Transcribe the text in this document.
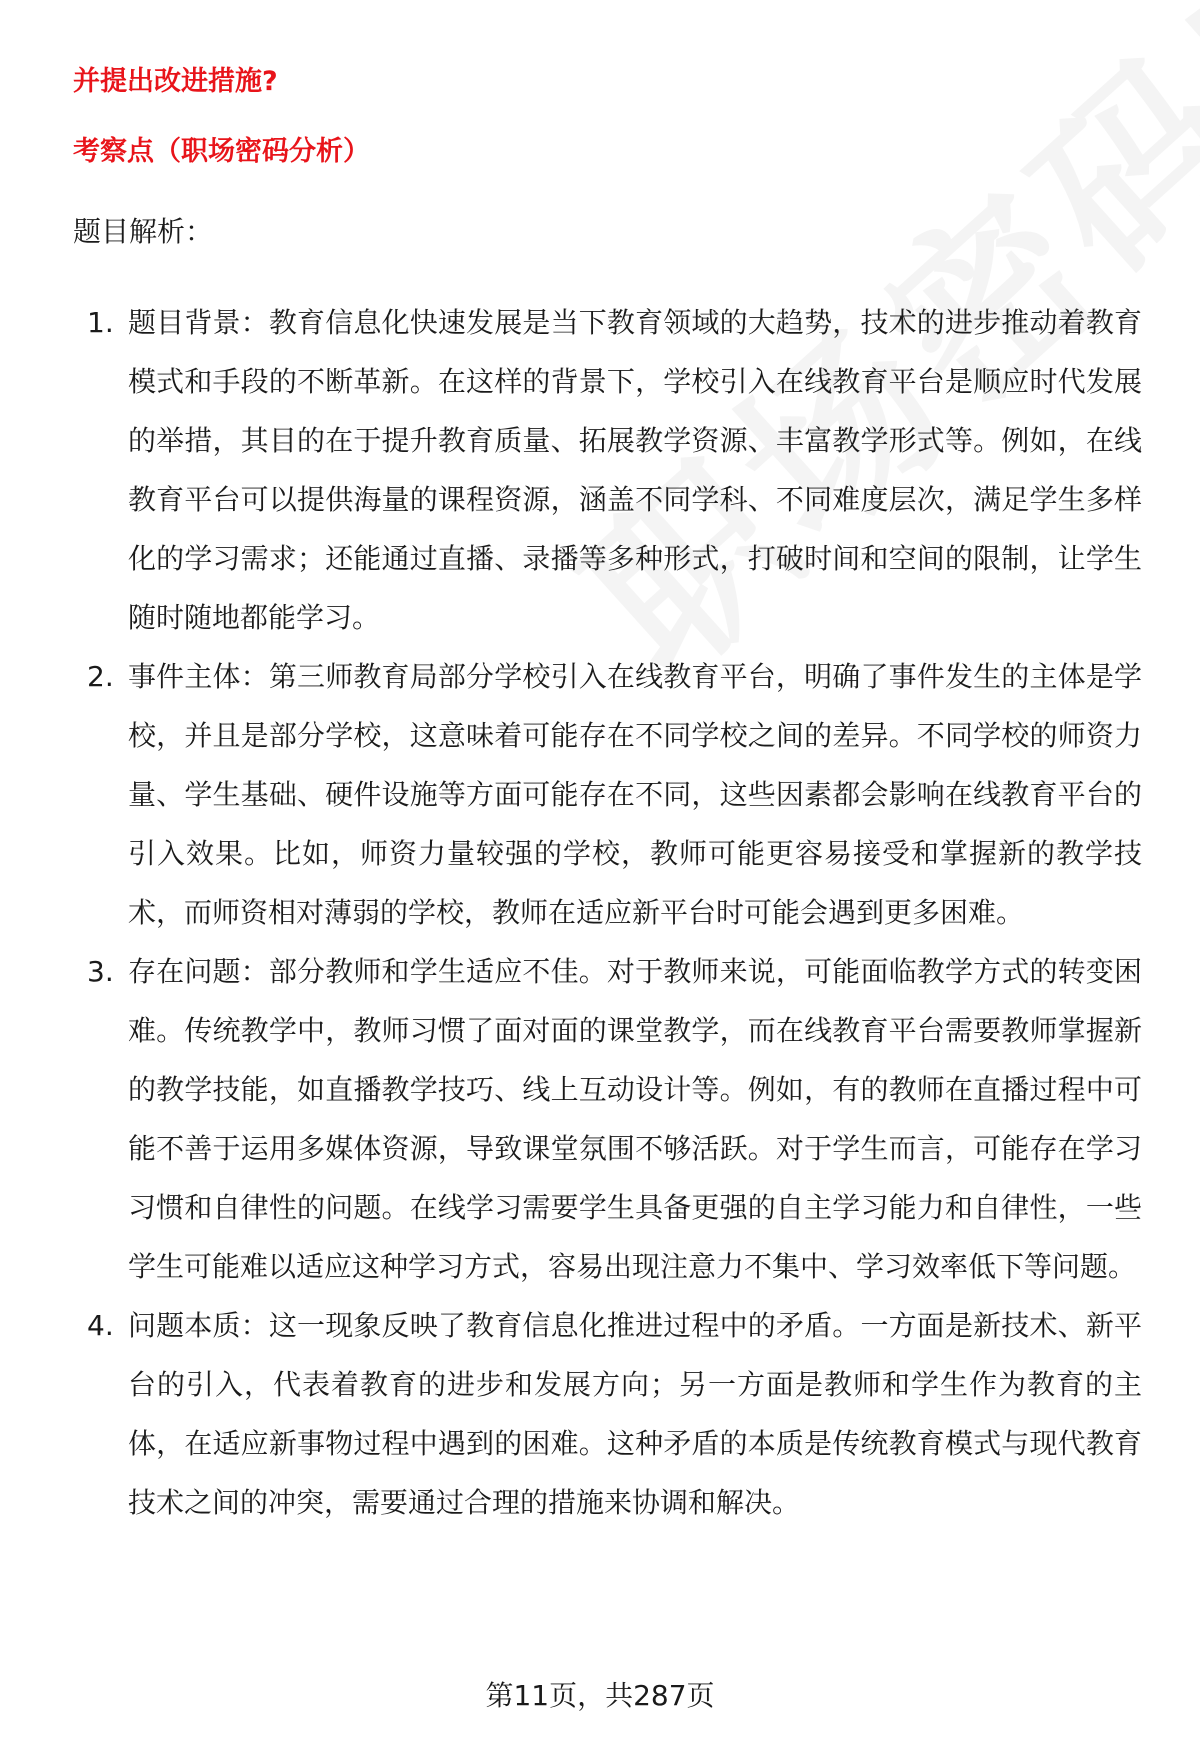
并提出改进措施?
考察点（职场密码分析）
题目解析：
1. 题目背景：教育信息化快速发展是当下教育领域的大趋势，技术的进步推动着教育模式和手段的不断革新。在这样的背景下，学校引入在线教育平台是顺应时代发展的举措，其目的在于提升教育质量、拓展教学资源、丰富教学形式等。例如，在线教育平台可以提供海量的课程资源，涵盖不同学科、不同难度层次，满足学生多样化的学习需求；还能通过直播、录播等多种形式，打破时间和空间的限制，让学生随时随地都能学习。
2. 事件主体：第三师教育局部分学校引入在线教育平台，明确了事件发生的主体是学校，并且是部分学校，这意味着可能存在不同学校之间的差异。不同学校的师资力量、学生基础、硬件设施等方面可能存在不同，这些因素都会影响在线教育平台的引入效果。比如，师资力量较强的学校，教师可能更容易接受和掌握新的教学技术，而师资相对薄弱的学校，教师在适应新平台时可能会遇到更多困难。
3. 存在问题：部分教师和学生适应不佳。对于教师来说，可能面临教学方式的转变困难。传统教学中，教师习惯了面对面的课堂教学，而在线教育平台需要教师掌握新的教学技能，如直播教学技巧、线上互动设计等。例如，有的教师在直播过程中可能不善于运用多媒体资源，导致课堂氛围不够活跃。对于学生而言，可能存在学习习惯和自律性的问题。在线学习需要学生具备更强的自主学习能力和自律性，一些学生可能难以适应这种学习方式，容易出现注意力不集中、学习效率低下等问题。
4. 问题本质：这一现象反映了教育信息化推进过程中的矛盾。一方面是新技术、新平台的引入，代表着教育的进步和发展方向；另一方面是教师和学生作为教育的主体，在适应新事物过程中遇到的困难。这种矛盾的本质是传统教育模式与现代教育技术之间的冲突，需要通过合理的措施来协调和解决。
第11页，共287页
